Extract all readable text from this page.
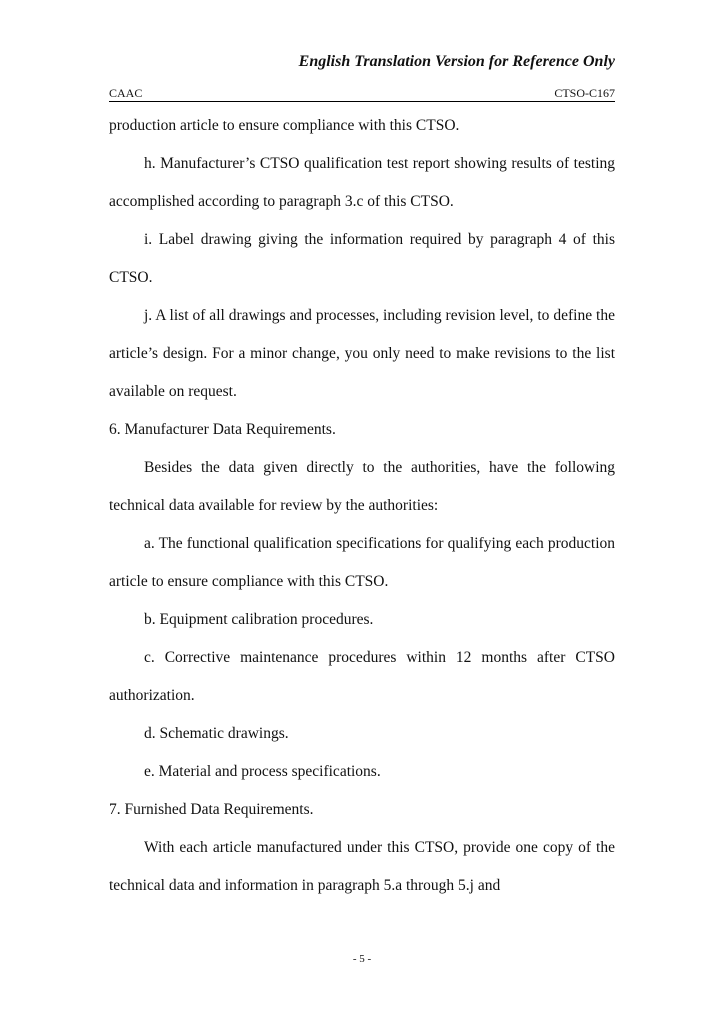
English Translation Version for Reference Only
CAAC	CTSO-C167

production article to ensure compliance with this CTSO.

h. Manufacturer’s CTSO qualification test report showing results of testing accomplished according to paragraph 3.c of this CTSO.

i. Label drawing giving the information required by paragraph 4 of this CTSO.

j. A list of all drawings and processes, including revision level, to define the article’s design. For a minor change, you only need to make revisions to the list available on request.

6. Manufacturer Data Requirements.

Besides the data given directly to the authorities, have the following technical data available for review by the authorities:

a. The functional qualification specifications for qualifying each production article to ensure compliance with this CTSO.

b. Equipment calibration procedures.

c. Corrective maintenance procedures within 12 months after CTSO authorization.

d. Schematic drawings.

e. Material and process specifications.

7. Furnished Data Requirements.

With each article manufactured under this CTSO, provide one copy of the technical data and information in paragraph 5.a through 5.j and

- 5 -
